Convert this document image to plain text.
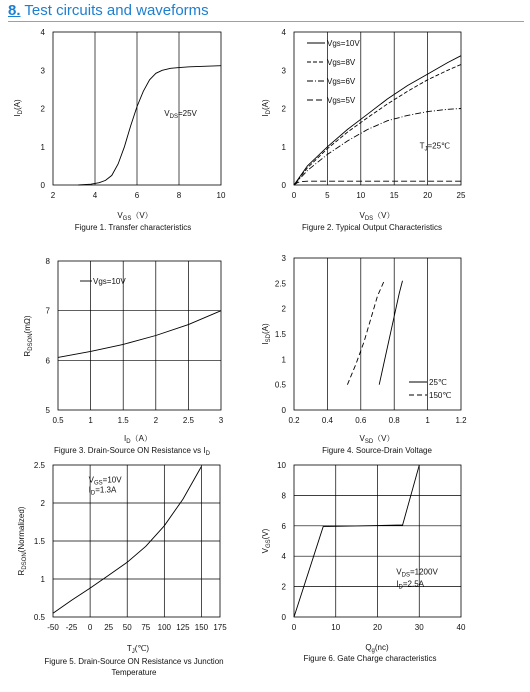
8. Test circuits and waveforms
2	4	6	8	10
0
1
2
3
4
$V_{GS}(V)$
$I_D(A)$
Figure 1. Transfer characteristics
$V_{DS}=25V$
0	5	10	15	20	25
0
1
2
3
4
$V_{DS}(V)$
$I_D(A)$
Figure 2. Typical Output Characteristics
$T_J=25℃$
Vgs=10V
Vgs=8V
Vgs=6V
Vgs=5V
0.5	1	1.5	2	2.5	3
5
6
7
8
$I_D(A)$
$R_{DSON}(m\Omega)$
Figure 3. Drain-Source ON Resistance vs $I_D$
Vgs=10V
0.2	0.4	0.6	0.8	1	1.2
0
0.5
1
1.5
2
2.5
3
$V_{SD}(V)$
$I_{SD}(A)$
Figure 4. Source-Drain Voltage
25℃
150℃
-50 -25 0 25 50 75 100 125 150 175
0.5
1
1.5
2
2.5
$T_J(℃)$
$R_{DSON}(Normalized)$
Figure 5. Drain-Source ON Resistance vs Junction
Temperature
$V_{GS}=10V$
$I_D=1.3A$
0	10	20	30	40
0
2
4
6
8
10
$Q_g(nc)$
$V_{GS}(V)$
Figure 6. Gate Charge characteristics
$V_{DS}=1200V$
$I_D=2.5A$
